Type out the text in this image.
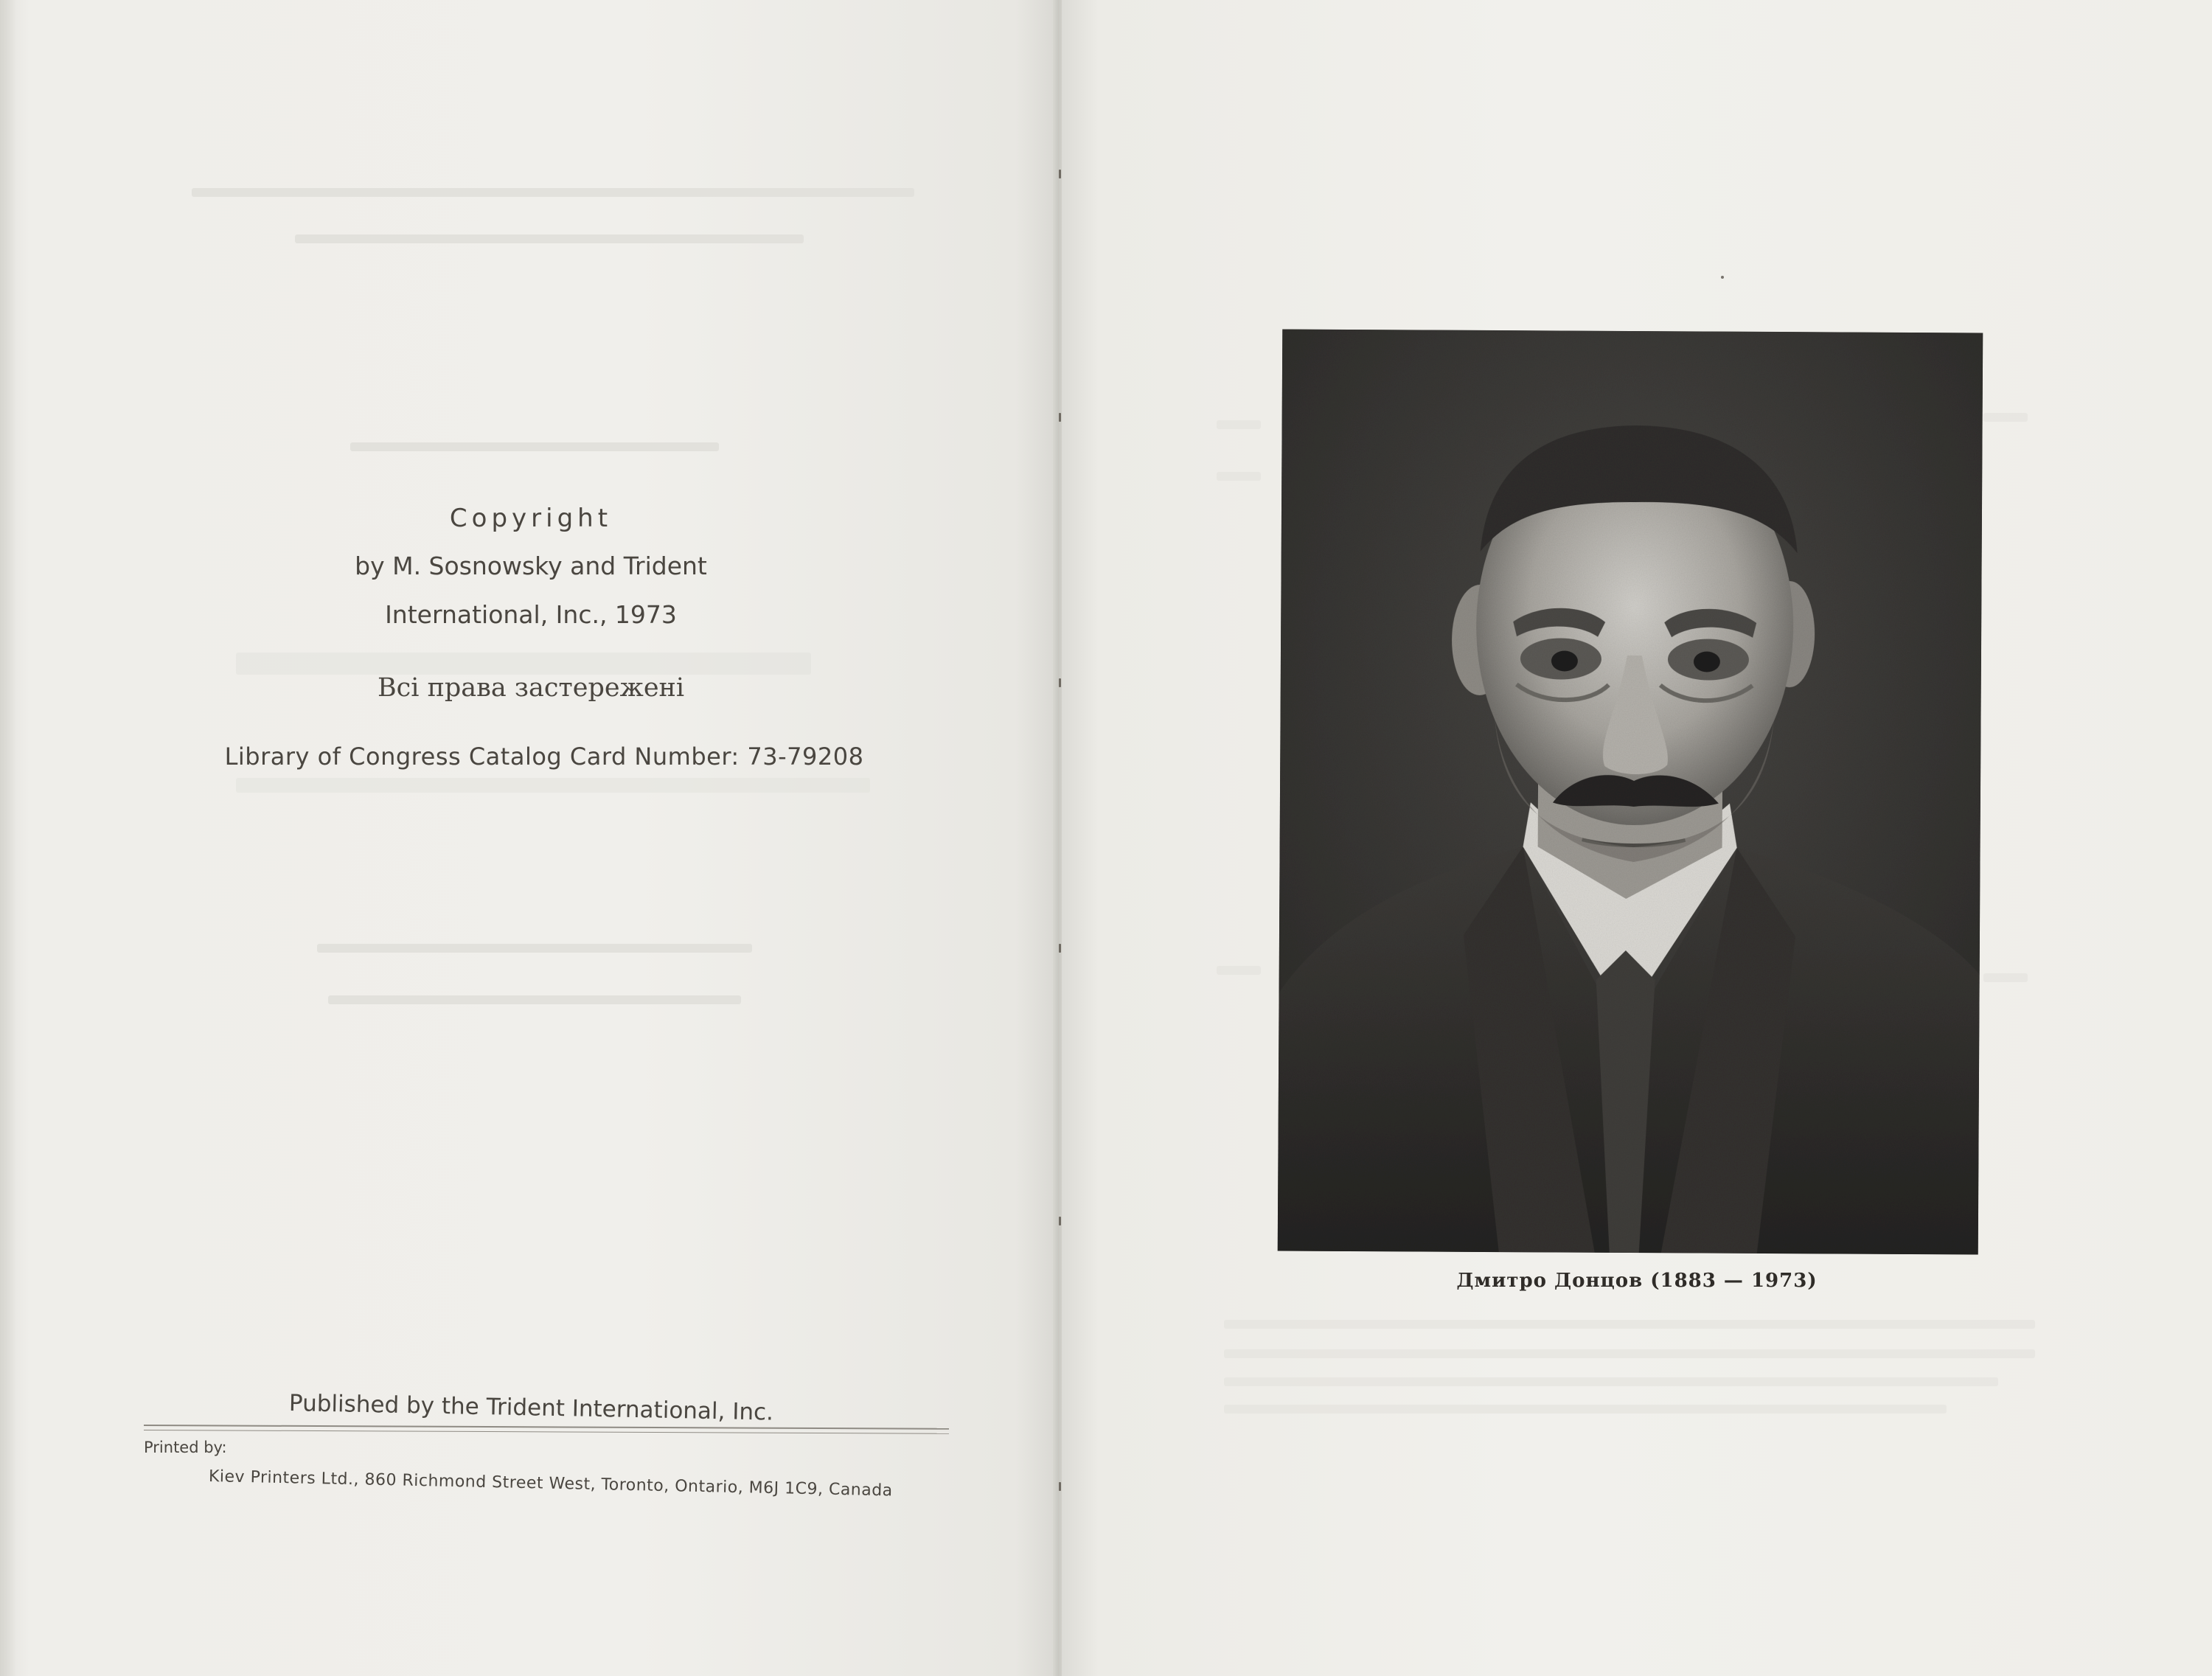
Copyright
by M. Sosnowsky and Trident
International, Inc., 1973
Всі права застережені
Library of Congress Catalog Card Number: 73-79208
Published by the Trident International, Inc.
Printed by:
Kiev Printers Ltd., 860 Richmond Street West, Toronto, Ontario, M6J 1C9, Canada
Дмитро Донцов (1883 — 1973)
